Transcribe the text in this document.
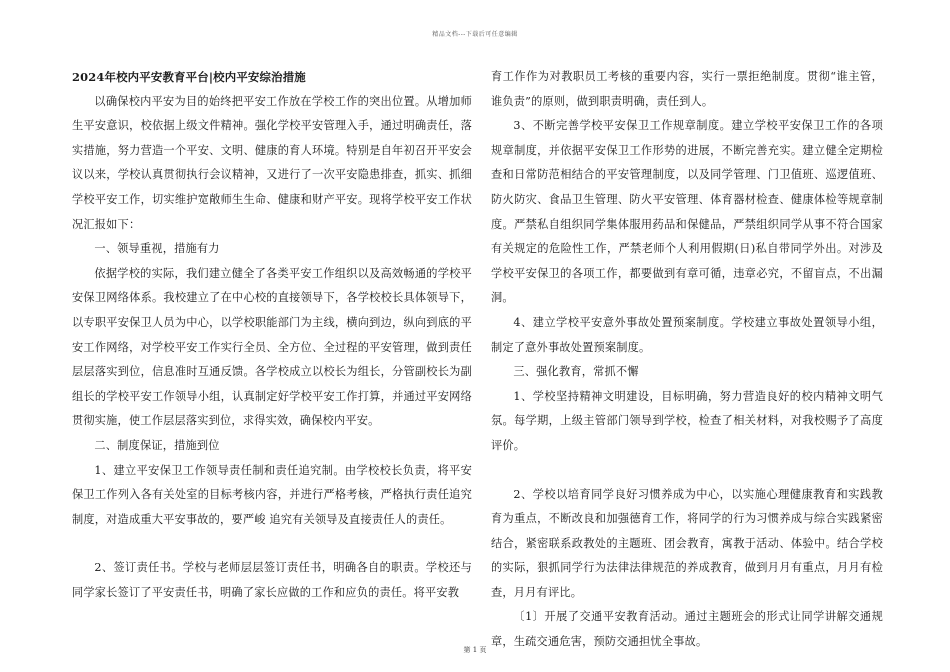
精品文档---下载后可任意编辑

2024年校内平安教育平台|校内平安综治措施

以确保校内平安为目的始终把平安工作放在学校工作的突出位置。从增加师生平安意识，校依据上级文件精神。强化学校平安管理入手，通过明确责任，落实措施，努力营造一个平安、文明、健康的育人环境。特别是自年初召开平安会议以来，学校认真贯彻执行会议精神，又进行了一次平安隐患排查，抓实、抓细学校平安工作，切实维护宽敞师生生命、健康和财产平安。现将学校平安工作状况汇报如下：

一、领导重视，措施有力

依据学校的实际，我们建立健全了各类平安工作组织以及高效畅通的学校平安保卫网络体系。我校建立了在中心校的直接领导下，各学校校长具体领导下，以专职平安保卫人员为中心，以学校职能部门为主线，横向到边，纵向到底的平安工作网络，对学校平安工作实行全员、全方位、全过程的平安管理，做到责任层层落实到位，信息准时互通反馈。各学校成立以校长为组长，分管副校长为副组长的学校平安工作领导小组，认真制定好学校平安工作打算，并通过平安网络贯彻实施，使工作层层落实到位，求得实效，确保校内平安。

二、制度保证，措施到位

1、建立平安保卫工作领导责任制和责任追究制。由学校校长负责，将平安保卫工作列入各有关处室的目标考核内容，并进行严格考核，严格执行责任追究制度，对造成重大平安事故的，要严峻 追究有关领导及直接责任人的责任。

2、签订责任书。学校与老师层层签订责任书，明确各自的职责。学校还与同学家长签订了平安责任书，明确了家长应做的工作和应负的责任。将平安教

育工作作为对教职员工考核的重要内容，实行一票拒绝制度。贯彻“谁主管，谁负责”的原则，做到职责明确，责任到人。

3、不断完善学校平安保卫工作规章制度。建立学校平安保卫工作的各项规章制度，并依据平安保卫工作形势的进展，不断完善充实。建立健全定期检查和日常防范相结合的平安管理制度，以及同学管理、门卫值班、巡逻值班、防火防灾、食品卫生管理、防火平安管理、体育器材检查、健康体检等规章制度。严禁私自组织同学集体服用药品和保健品，严禁组织同学从事不符合国家有关规定的危险性工作，严禁老师个人利用假期(日)私自带同学外出。对涉及学校平安保卫的各项工作，都要做到有章可循，违章必究，不留盲点，不出漏洞。

4、建立学校平安意外事故处置预案制度。学校建立事故处置领导小组，制定了意外事故处置预案制度。

三、强化教育，常抓不懈

1、学校坚持精神文明建设，目标明确，努力营造良好的校内精神文明气氛。每学期，上级主管部门领导到学校，检查了相关材料，对我校赐予了高度评价。

2、学校以培育同学良好习惯养成为中心，以实施心理健康教育和实践教育为重点，不断改良和加强德育工作，将同学的行为习惯养成与综合实践紧密结合，紧密联系政教处的主题班、团会教育，寓教于活动、体验中。结合学校的实际，狠抓同学行为法律法律规范的养成教育，做到月月有重点，月月有检查，月月有评比。

〔1〕开展了交通平安教育活动。通过主题班会的形式让同学讲解交通规章，生疏交通危害，预防交通担忧全事故。

第 1 页
